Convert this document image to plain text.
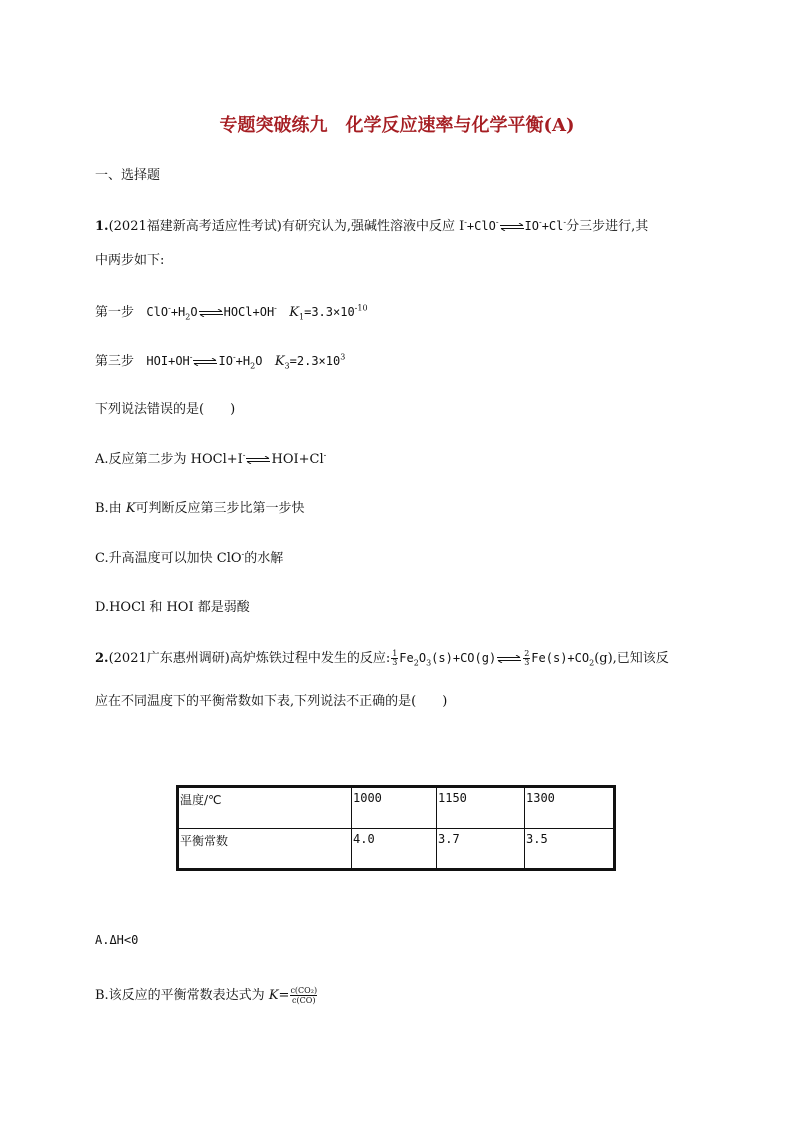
专题突破练九　化学反应速率与化学平衡(A)
一、选择题
1.(2021福建新高考适应性考试)有研究认为,强碱性溶液中反应 I-+ClO-⇌IO-+Cl-分三步进行,其
中两步如下:
第一步 $ClO^-+H_2O\rightleftharpoons HOCl+OH^-$ $K_1=3.3\times 10^{-10}$
第三步 $HOI+OH^-\rightleftharpoons IO^-+H_2O$ $K_3=2.3\times 10^3$
下列说法错误的是(　　)
A.反应第二步为 HOCl+I-⇌HOI+Cl-
B.由 K可判断反应第三步比第一步快
C.升高温度可以加快 ClO-的水解
D.HOCl 和 HOI 都是弱酸
2.(2021广东惠州调研)高炉炼铁过程中发生的反应: $\frac{1}{3}$ $Fe_2O_3(s)+CO(g)\rightleftharpoons \frac{2}{3} Fe(s)+CO_2(g)$,已知该反
应在不同温度下的平衡常数如下表,下列说法不正确的是(　　)
温度/℃	1000	1150	1300
平衡常数	4.0	3.7	3.5
A.ΔH<0
B.该反应的平衡常数表达式为 $K= \frac{\text{c(CO₂)}}{c(CO)}$
